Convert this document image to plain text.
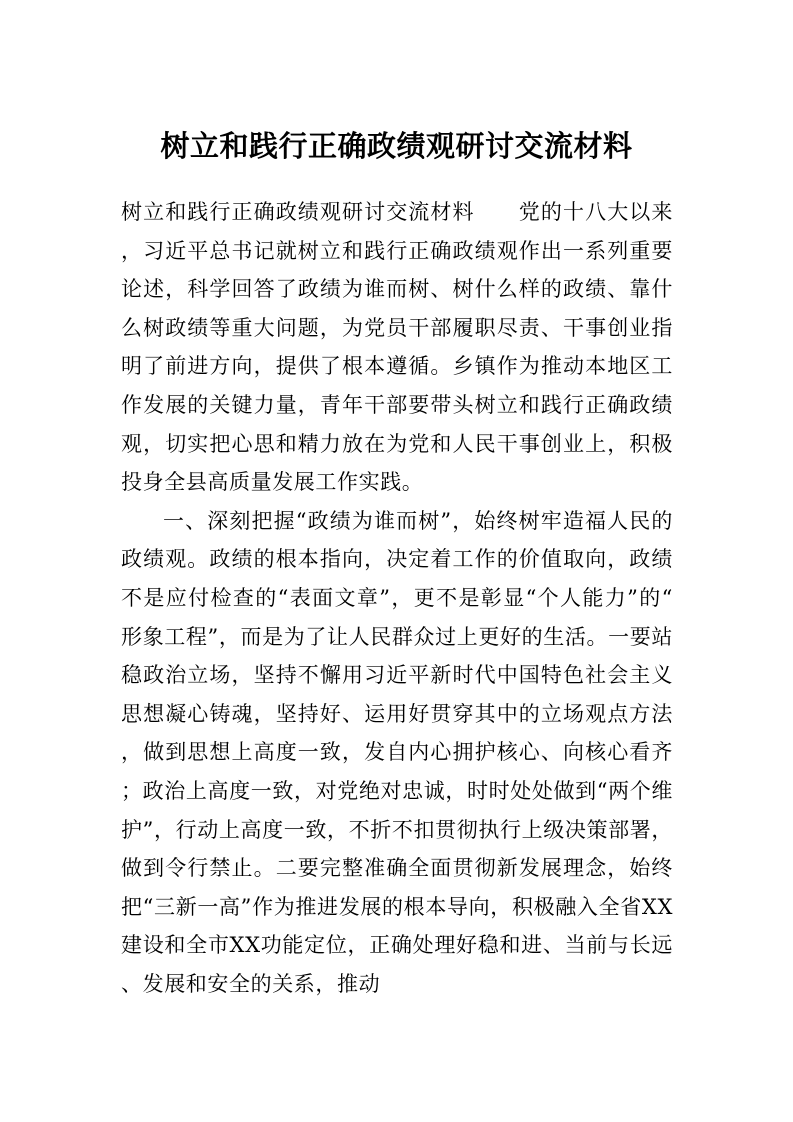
树立和践行正确政绩观研讨交流材料

树立和践行正确政绩观研讨交流材料　　党的十八大以来，习近平总书记就树立和践行正确政绩观作出一系列重要论述，科学回答了政绩为谁而树、树什么样的政绩、靠什么树政绩等重大问题，为党员干部履职尽责、干事创业指明了前进方向，提供了根本遵循。乡镇作为推动本地区工作发展的关键力量，青年干部要带头树立和践行正确政绩观，切实把心思和精力放在为党和人民干事创业上，积极投身全县高质量发展工作实践。

一、深刻把握“政绩为谁而树”，始终树牢造福人民的政绩观。政绩的根本指向，决定着工作的价值取向，政绩不是应付检查的“表面文章”，更不是彰显“个人能力”的“形象工程”，而是为了让人民群众过上更好的生活。一要站稳政治立场，坚持不懈用习近平新时代中国特色社会主义思想凝心铸魂，坚持好、运用好贯穿其中的立场观点方法，做到思想上高度一致，发自内心拥护核心、向核心看齐；政治上高度一致，对党绝对忠诚，时时处处做到“两个维护”，行动上高度一致，不折不扣贯彻执行上级决策部署，做到令行禁止。二要完整准确全面贯彻新发展理念，始终把“三新一高”作为推进发展的根本导向，积极融入全省XX建设和全市XX功能定位，正确处理好稳和进、当前与长远、发展和安全的关系，推动
